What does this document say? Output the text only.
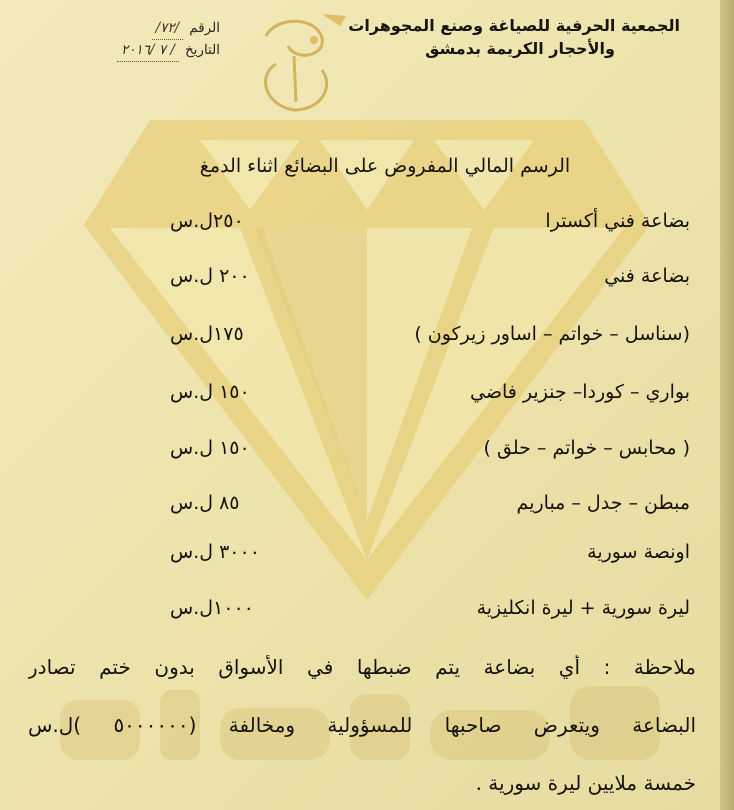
الجمعية الحرفية للصياغة وصنع المجوهرات
والأحجار الكريمة بدمشق
الرقم
/٧٢/
التاريخ
/ ٧ /٢٠١٦
الرسم المالي المفروض على البضائع اثناء الدمغ
بضاعة فني أكسترا
٢٥٠ل.س
بضاعة فني
٢٠٠ ل.س
(سناسل – خواتم – اساور زيركون )
١٧٥ل.س
بواري – كوردا– جنزير فاضي
١٥٠ ل.س
( محابس – خواتم – حلق )
١٥٠ ل.س
مبطن – جدل – مباريم
٨٥ ل.س
اونصة سورية
٣٠٠٠ ل.س
ليرة سورية + ليرة انكليزية
١٠٠٠ل.س
ملاحظة : أي بضاعة يتم ضبطها في الأسواق بدون ختم تصادر
البضاعة ويتعرض صاحبها للمسؤولية ومخالفة (٥٠٠٠٠٠٠ )ل.س
خمسة ملايين ليرة سورية .
